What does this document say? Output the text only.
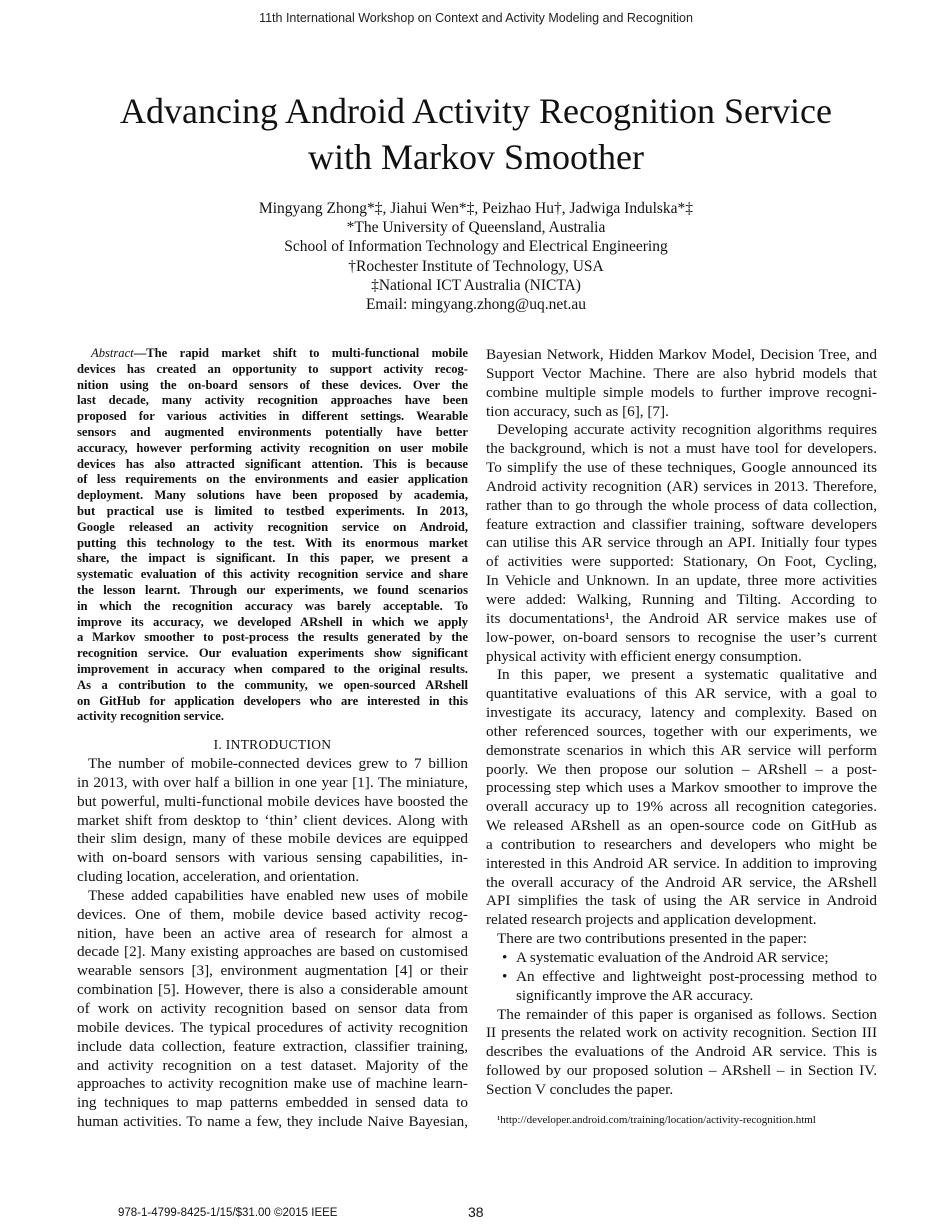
11th International Workshop on Context and Activity Modeling and Recognition
Advancing Android Activity Recognition Service
with Markov Smoother
Mingyang Zhong*‡, Jiahui Wen*‡, Peizhao Hu†, Jadwiga Indulska*‡
*The University of Queensland, Australia
School of Information Technology and Electrical Engineering
†Rochester Institute of Technology, USA
‡National ICT Australia (NICTA)
Email: mingyang.zhong@uq.net.au
Abstract—The rapid market shift to multi-functional mobile
devices has created an opportunity to support activity recog-
nition using the on-board sensors of these devices. Over the
last decade, many activity recognition approaches have been
proposed for various activities in different settings. Wearable
sensors and augmented environments potentially have better
accuracy, however performing activity recognition on user mobile
devices has also attracted significant attention. This is because
of less requirements on the environments and easier application
deployment. Many solutions have been proposed by academia,
but practical use is limited to testbed experiments. In 2013,
Google released an activity recognition service on Android,
putting this technology to the test. With its enormous market
share, the impact is significant. In this paper, we present a
systematic evaluation of this activity recognition service and share
the lesson learnt. Through our experiments, we found scenarios
in which the recognition accuracy was barely acceptable. To
improve its accuracy, we developed ARshell in which we apply
a Markov smoother to post-process the results generated by the
recognition service. Our evaluation experiments show significant
improvement in accuracy when compared to the original results.
As a contribution to the community, we open-sourced ARshell
on GitHub for application developers who are interested in this
activity recognition service.
I. INTRODUCTION
The number of mobile-connected devices grew to 7 billion
in 2013, with over half a billion in one year [1]. The miniature,
but powerful, multi-functional mobile devices have boosted the
market shift from desktop to ‘thin’ client devices. Along with
their slim design, many of these mobile devices are equipped
with on-board sensors with various sensing capabilities, in-
cluding location, acceleration, and orientation.
These added capabilities have enabled new uses of mobile
devices. One of them, mobile device based activity recog-
nition, have been an active area of research for almost a
decade [2]. Many existing approaches are based on customised
wearable sensors [3], environment augmentation [4] or their
combination [5]. However, there is also a considerable amount
of work on activity recognition based on sensor data from
mobile devices. The typical procedures of activity recognition
include data collection, feature extraction, classifier training,
and activity recognition on a test dataset. Majority of the
approaches to activity recognition make use of machine learn-
ing techniques to map patterns embedded in sensed data to
human activities. To name a few, they include Naive Bayesian,
Bayesian Network, Hidden Markov Model, Decision Tree, and
Support Vector Machine. There are also hybrid models that
combine multiple simple models to further improve recogni-
tion accuracy, such as [6], [7].
Developing accurate activity recognition algorithms requires
the background, which is not a must have tool for developers.
To simplify the use of these techniques, Google announced its
Android activity recognition (AR) services in 2013. Therefore,
rather than to go through the whole process of data collection,
feature extraction and classifier training, software developers
can utilise this AR service through an API. Initially four types
of activities were supported: Stationary, On Foot, Cycling,
In Vehicle and Unknown. In an update, three more activities
were added: Walking, Running and Tilting. According to
its documentations¹, the Android AR service makes use of
low-power, on-board sensors to recognise the user’s current
physical activity with efficient energy consumption.
In this paper, we present a systematic qualitative and
quantitative evaluations of this AR service, with a goal to
investigate its accuracy, latency and complexity. Based on
other referenced sources, together with our experiments, we
demonstrate scenarios in which this AR service will perform
poorly. We then propose our solution – ARshell – a post-
processing step which uses a Markov smoother to improve the
overall accuracy up to 19% across all recognition categories.
We released ARshell as an open-source code on GitHub as
a contribution to researchers and developers who might be
interested in this Android AR service. In addition to improving
the overall accuracy of the Android AR service, the ARshell
API simplifies the task of using the AR service in Android
related research projects and application development.
There are two contributions presented in the paper:
• A systematic evaluation of the Android AR service;
• An effective and lightweight post-processing method to
significantly improve the AR accuracy.
The remainder of this paper is organised as follows. Section
II presents the related work on activity recognition. Section III
describes the evaluations of the Android AR service. This is
followed by our proposed solution – ARshell – in Section IV.
Section V concludes the paper.
¹http://developer.android.com/training/location/activity-recognition.html
978-1-4799-8425-1/15/$31.00 ©2015 IEEE	38
